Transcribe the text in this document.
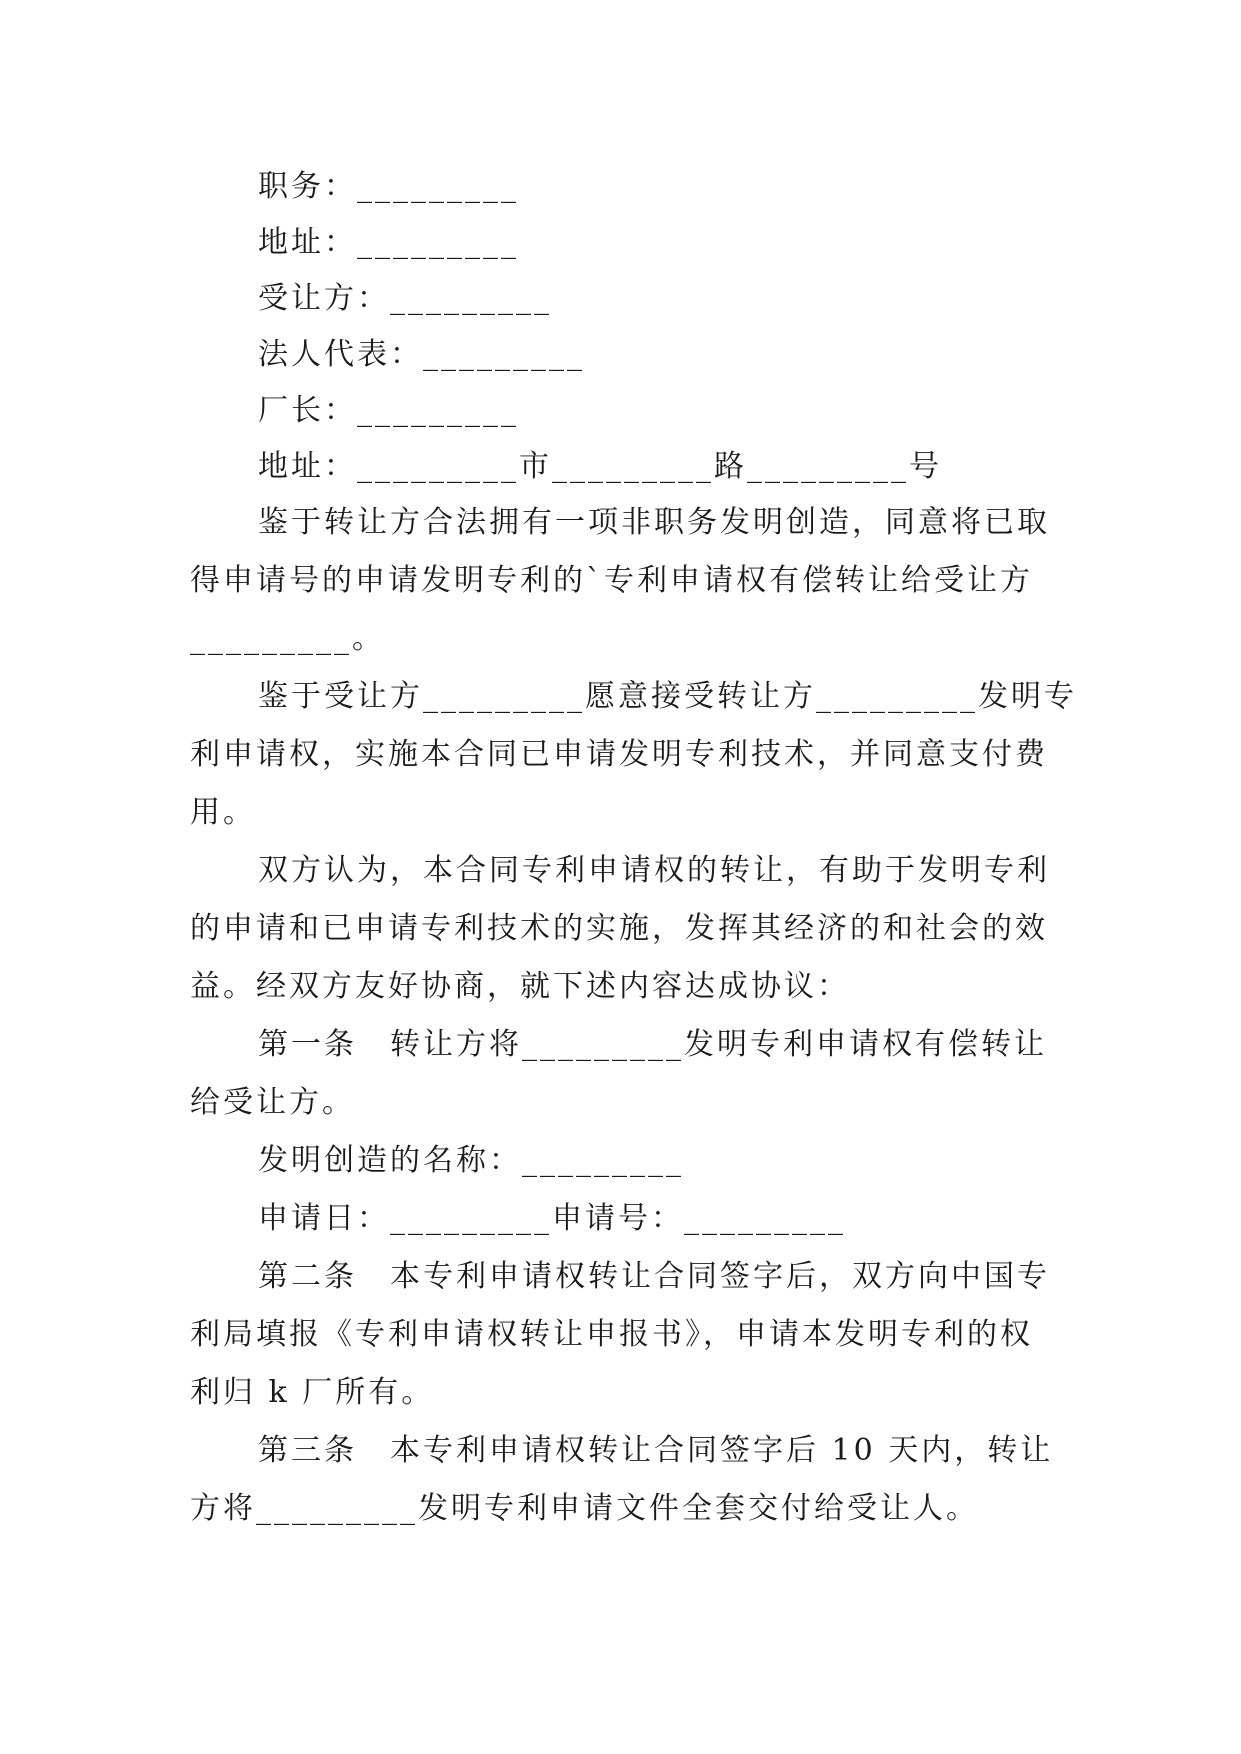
职务：_________
地址：_________
受让方：_________
法人代表：_________
厂长：_________
地址：_________市_________路_________号
鉴于转让方合法拥有一项非职务发明创造，同意将已取
得申请号的申请发明专利的`专利申请权有偿转让给受让方
_________。
鉴于受让方_________愿意接受转让方_________发明专
利申请权，实施本合同已申请发明专利技术，并同意支付费
用。
双方认为，本合同专利申请权的转让，有助于发明专利
的申请和已申请专利技术的实施，发挥其经济的和社会的效
益。经双方友好协商，就下述内容达成协议：
第一条　转让方将_________发明专利申请权有偿转让
给受让方。
发明创造的名称：_________
申请日：_________申请号：_________
第二条　本专利申请权转让合同签字后，双方向中国专
利局填报《专利申请权转让申报书》，申请本发明专利的权
利归 k 厂所有。
第三条　本专利申请权转让合同签字后 10 天内，转让
方将_________发明专利申请文件全套交付给受让人。
